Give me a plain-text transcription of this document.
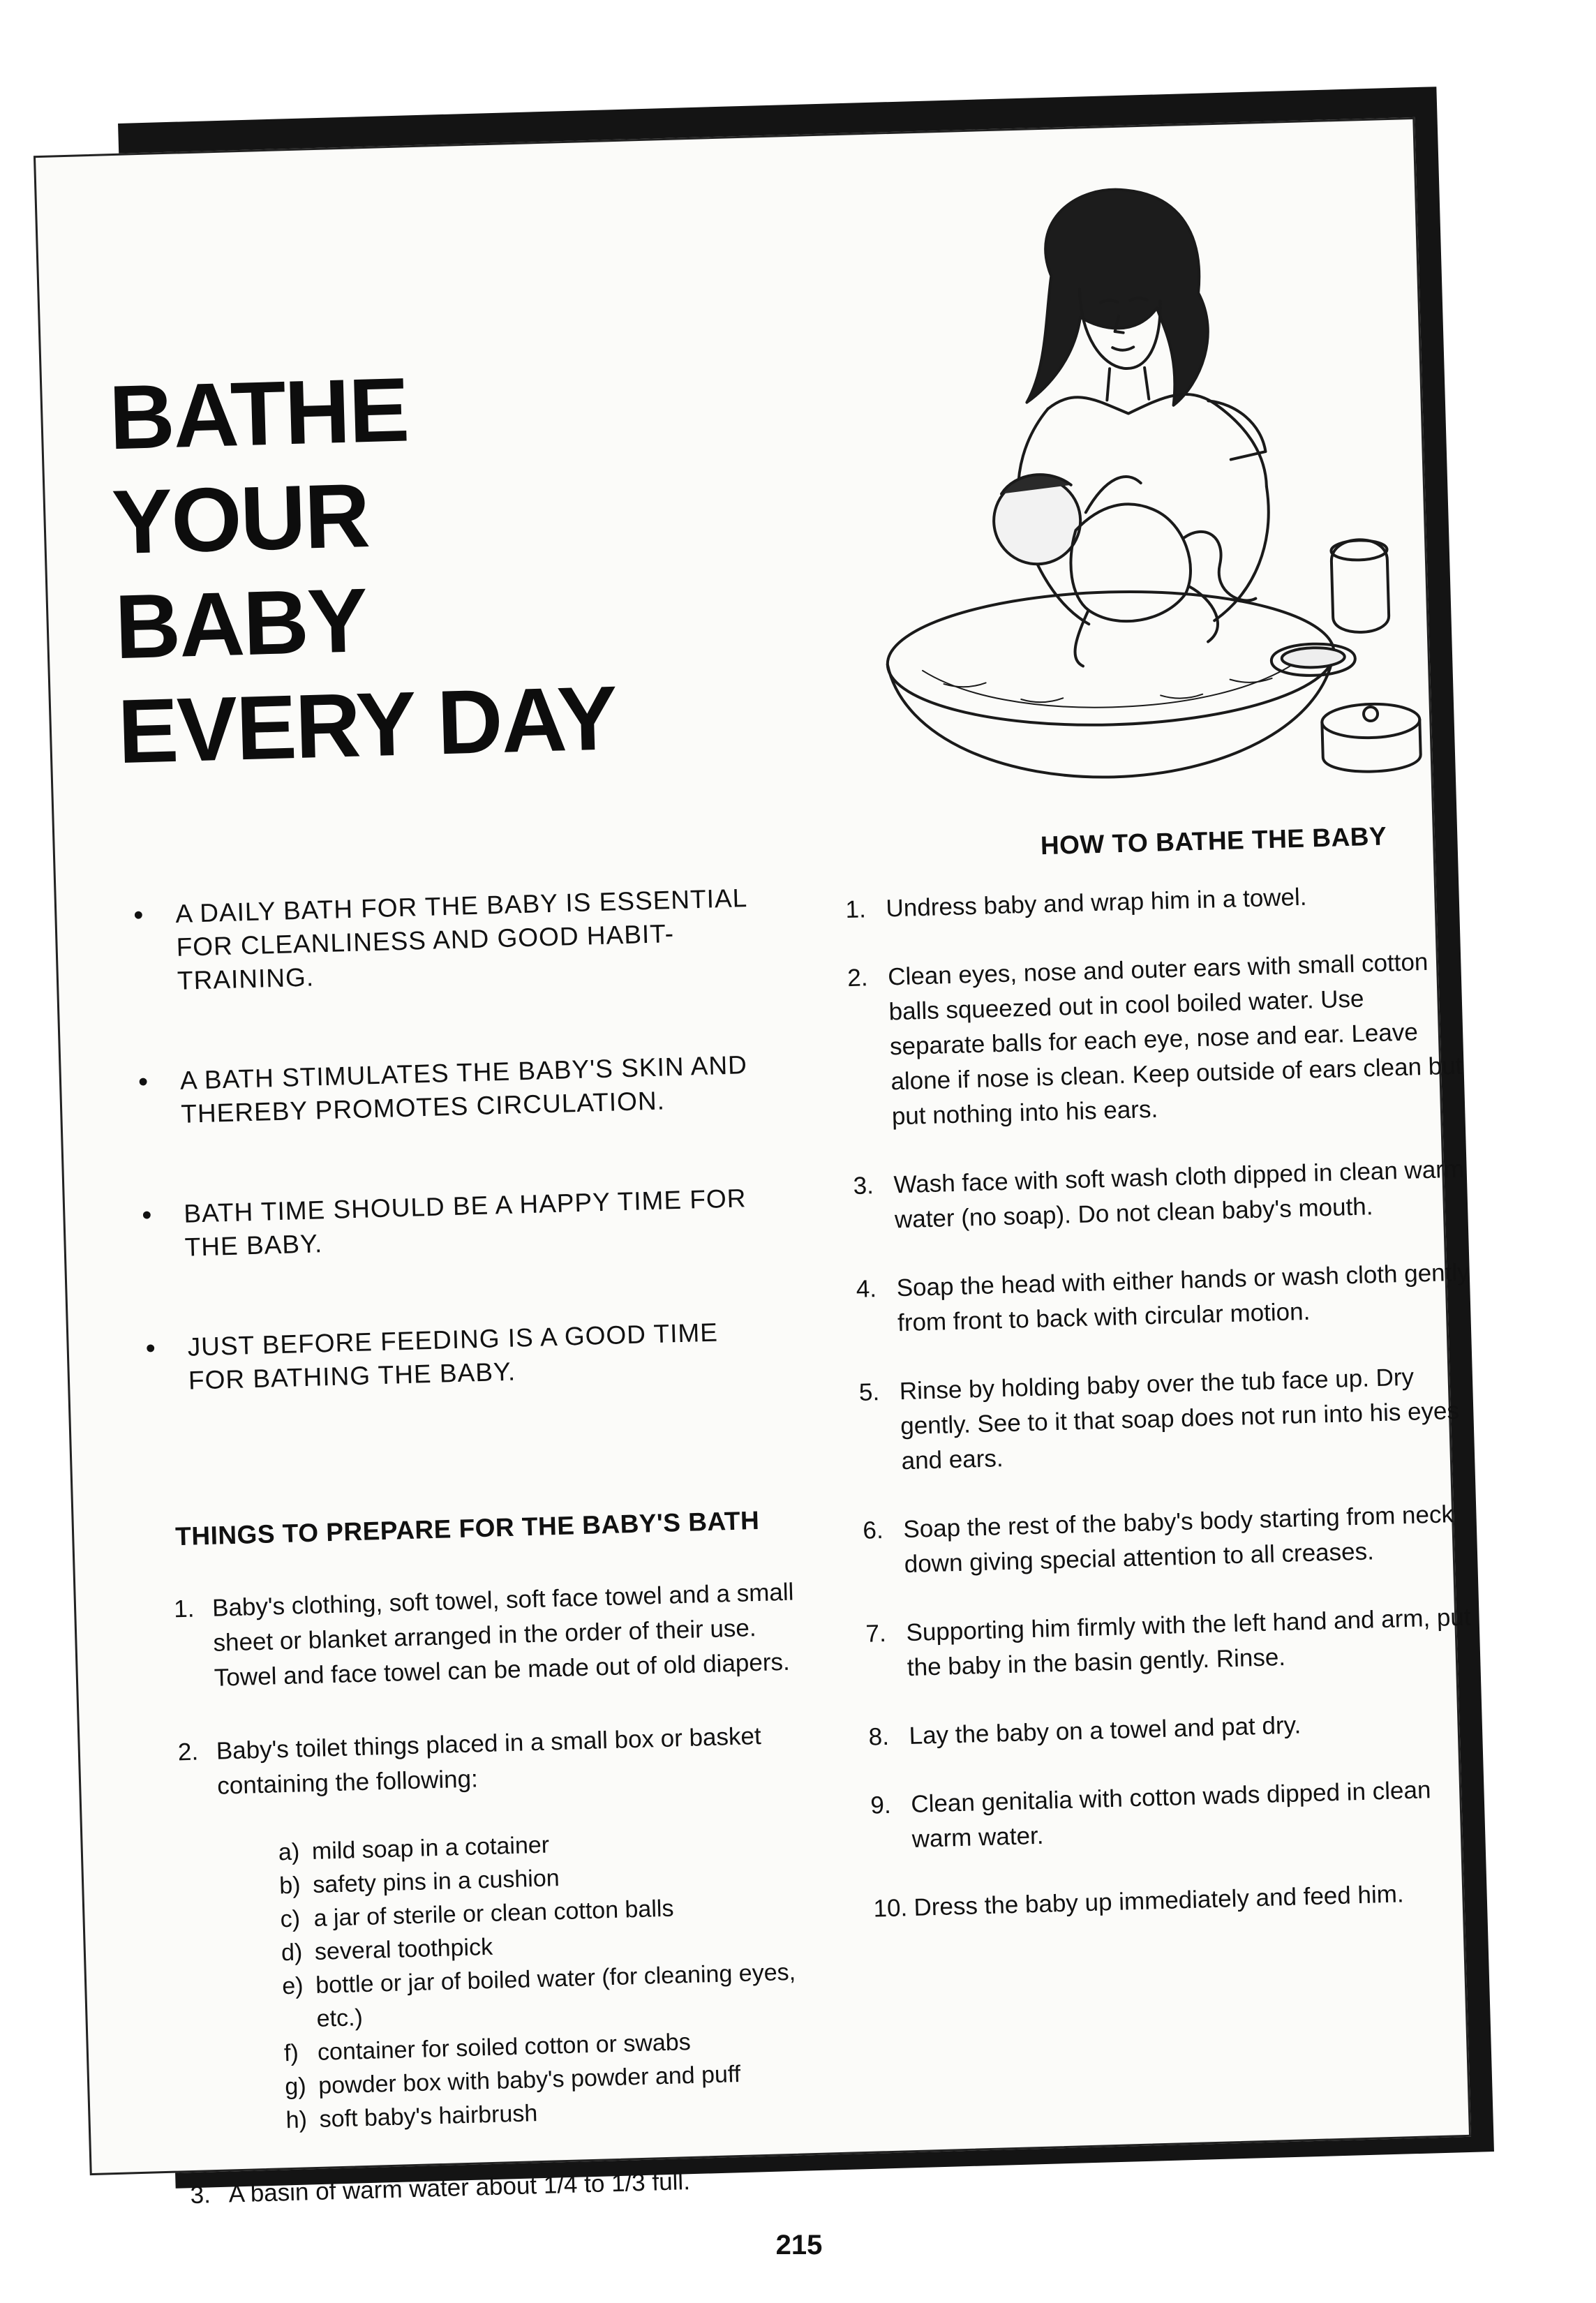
BATHE
YOUR
BABY
EVERY DAY
• A DAILY BATH FOR THE BABY IS ESSENTIAL FOR CLEANLINESS AND GOOD HABIT-TRAINING.
• A BATH STIMULATES THE BABY'S SKIN AND THEREBY PROMOTES CIRCULATION.
• BATH TIME SHOULD BE A HAPPY TIME FOR THE BABY.
• JUST BEFORE FEEDING IS A GOOD TIME FOR BATHING THE BABY.
THINGS TO PREPARE FOR THE BABY'S BATH
1. Baby's clothing, soft towel, soft face towel and a small sheet or blanket arranged in the order of their use. Towel and face towel can be made out of old diapers.
2. Baby's toilet things placed in a small box or basket containing the following:
a) mild soap in a cotainer
b) safety pins in a cushion
c) a jar of sterile or clean cotton balls
d) several toothpick
e) bottle or jar of boiled water (for cleaning eyes, etc.)
f) container for soiled cotton or swabs
g) powder box with baby's powder and puff
h) soft baby's hairbrush
3. A basin of warm water about 1/4 to 1/3 full.
HOW TO BATHE THE BABY
1. Undress baby and wrap him in a towel.
2. Clean eyes, nose and outer ears with small cotton balls squeezed out in cool boiled water. Use separate balls for each eye, nose and ear. Leave alone if nose is clean. Keep outside of ears clean but put nothing into his ears.
3. Wash face with soft wash cloth dipped in clean warm water (no soap). Do not clean baby's mouth.
4. Soap the head with either hands or wash cloth gently from front to back with circular motion.
5. Rinse by holding baby over the tub face up. Dry gently. See to it that soap does not run into his eyes and ears.
6. Soap the rest of the baby's body starting from neck down giving special attention to all creases.
7. Supporting him firmly with the left hand and arm, put the baby in the basin gently. Rinse.
8. Lay the baby on a towel and pat dry.
9. Clean genitalia with cotton wads dipped in clean warm water.
10. Dress the baby up immediately and feed him.
215
